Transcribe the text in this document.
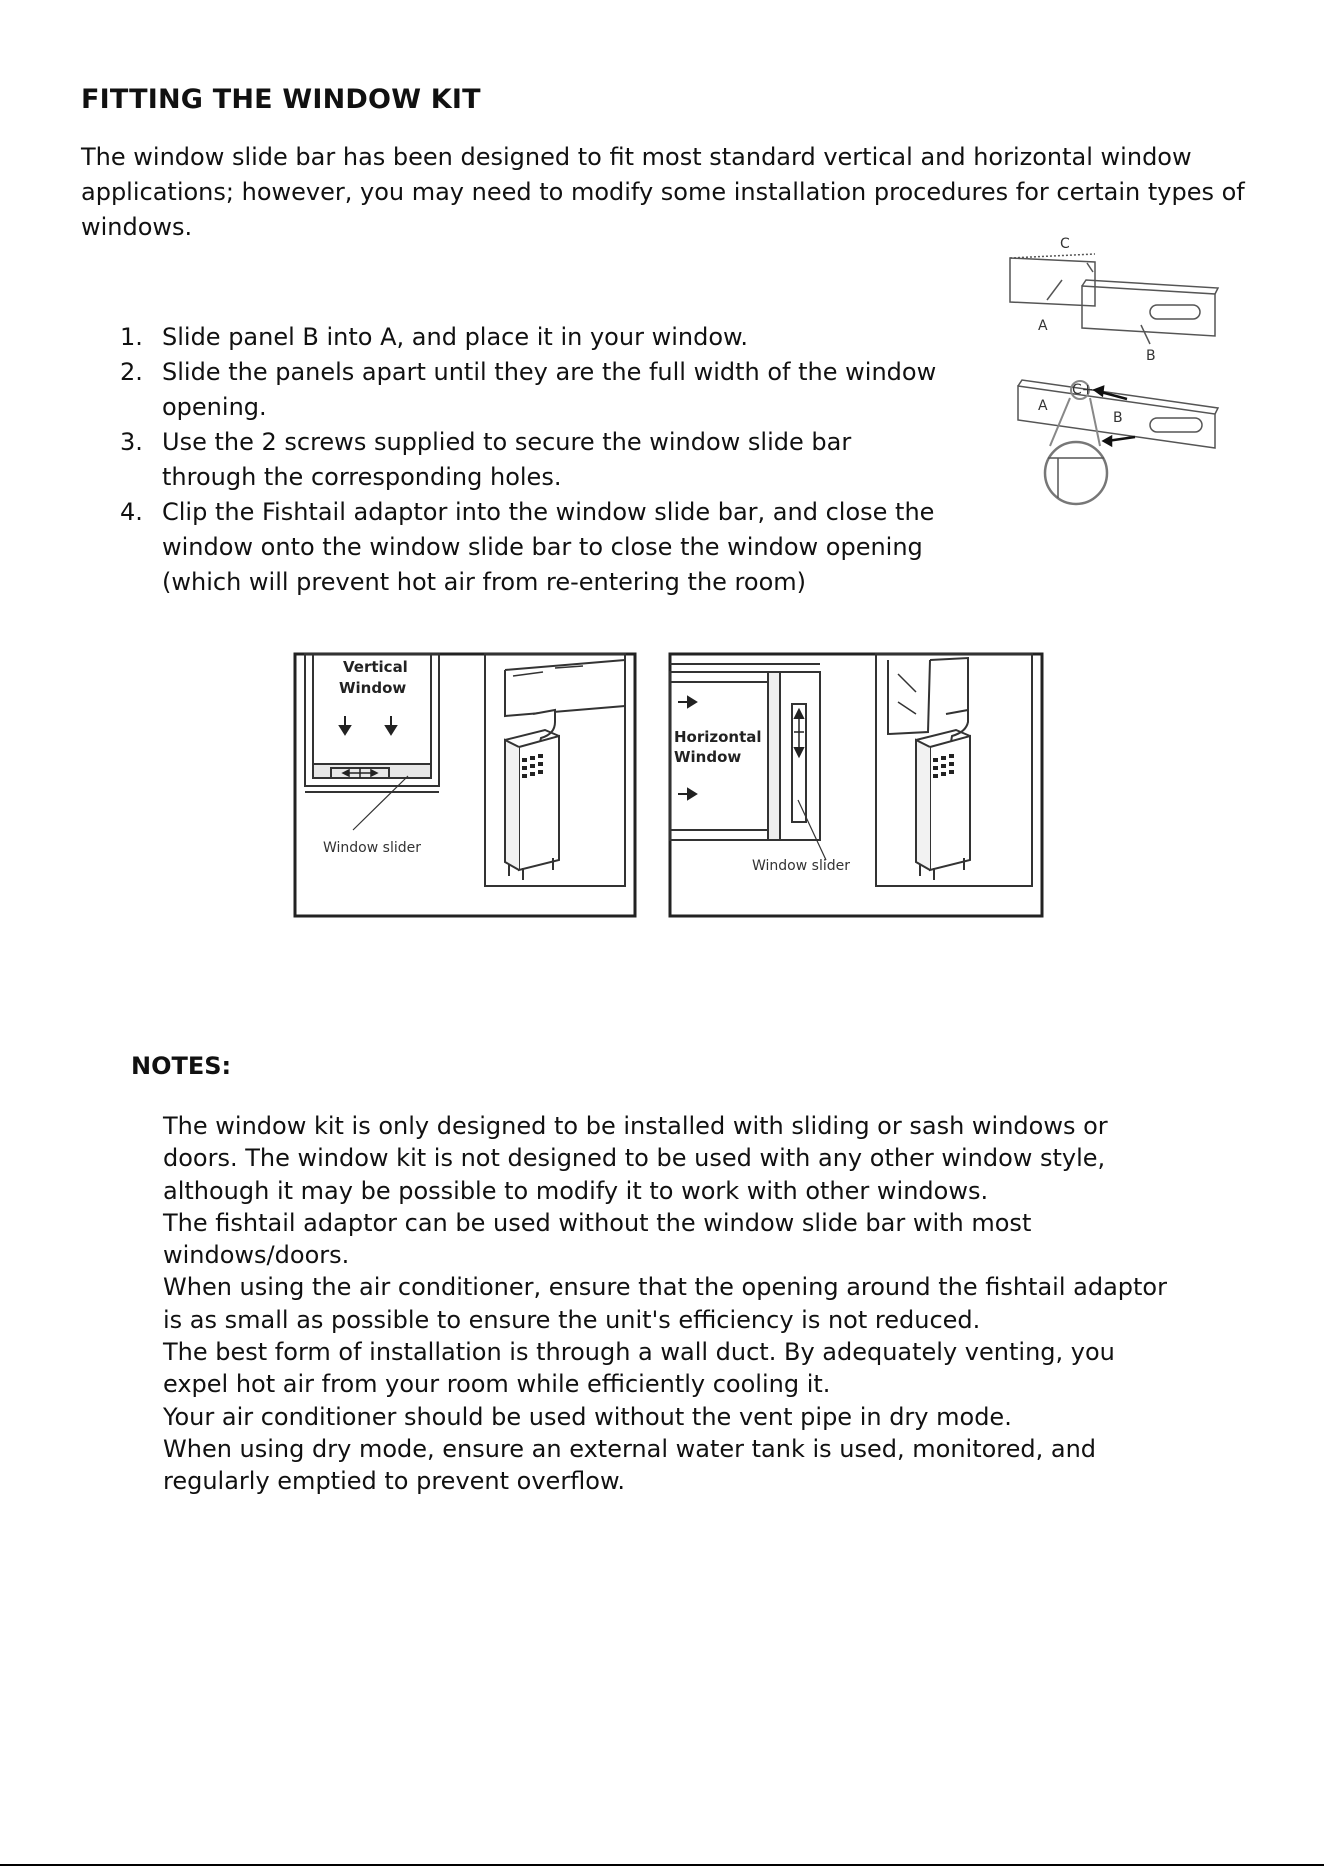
FITTING THE WINDOW KIT

The window slide bar has been designed to fit most standard vertical and horizontal window applications; however, you may need to modify some installation procedures for certain types of windows.

1. Slide panel B into A, and place it in your window.
2. Slide the panels apart until they are the full width of the window opening.
3. Use the 2 screws supplied to secure the window slide bar through the corresponding holes.
4. Clip the Fishtail adaptor into the window slide bar, and close the window onto the window slide bar to close the window opening (which will prevent hot air from re-entering the room)
C
A
B
C+
A
B
Vertical
Window
Window slider
Horizontal
Window
Window slider
NOTES:

The window kit is only designed to be installed with sliding or sash windows or doors. The window kit is not designed to be used with any other window style, although it may be possible to modify it to work with other windows.

The fishtail adaptor can be used without the window slide bar with most windows/doors.

When using the air conditioner, ensure that the opening around the fishtail adaptor is as small as possible to ensure the unit's efficiency is not reduced.

The best form of installation is through a wall duct. By adequately venting, you expel hot air from your room while efficiently cooling it.

Your air conditioner should be used without the vent pipe in dry mode.

When using dry mode, ensure an external water tank is used, monitored, and regularly emptied to prevent overflow.
